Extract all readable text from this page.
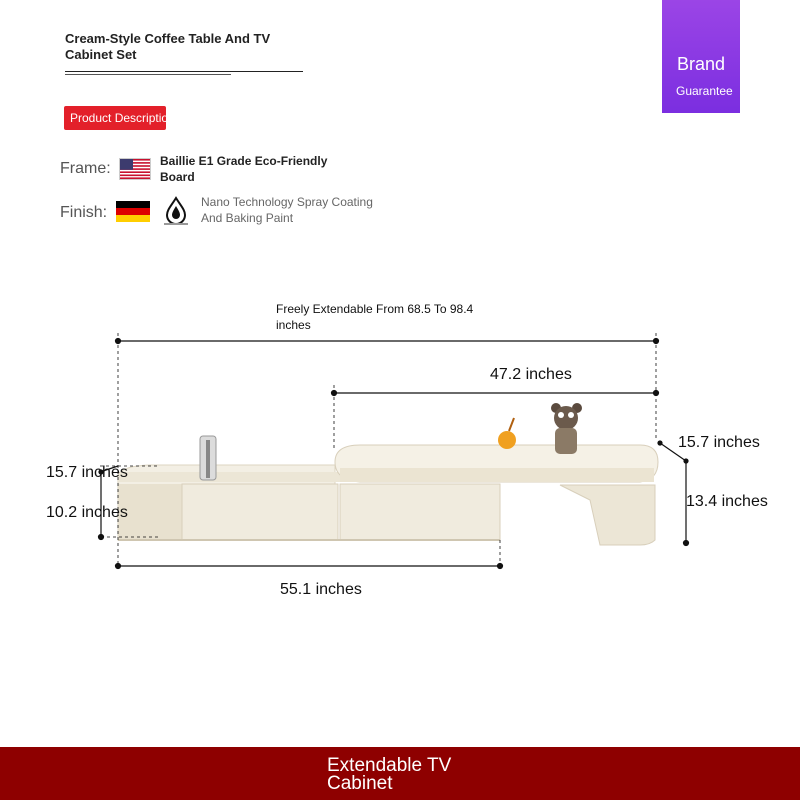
Cream-Style Coffee Table And TV Cabinet Set	Brand
Guarantee
Product Description
Frame:	Baillie E1 Grade Eco-Friendly Board
Finish:
Nano Technology Spray Coating And Baking Paint
Freely Extendable From 68.5 To 98.4 inches
47.2 inches
15.7 inches
13.4 inches
15.7 inches
10.2 inches
55.1 inches
Extendable TV Cabinet
